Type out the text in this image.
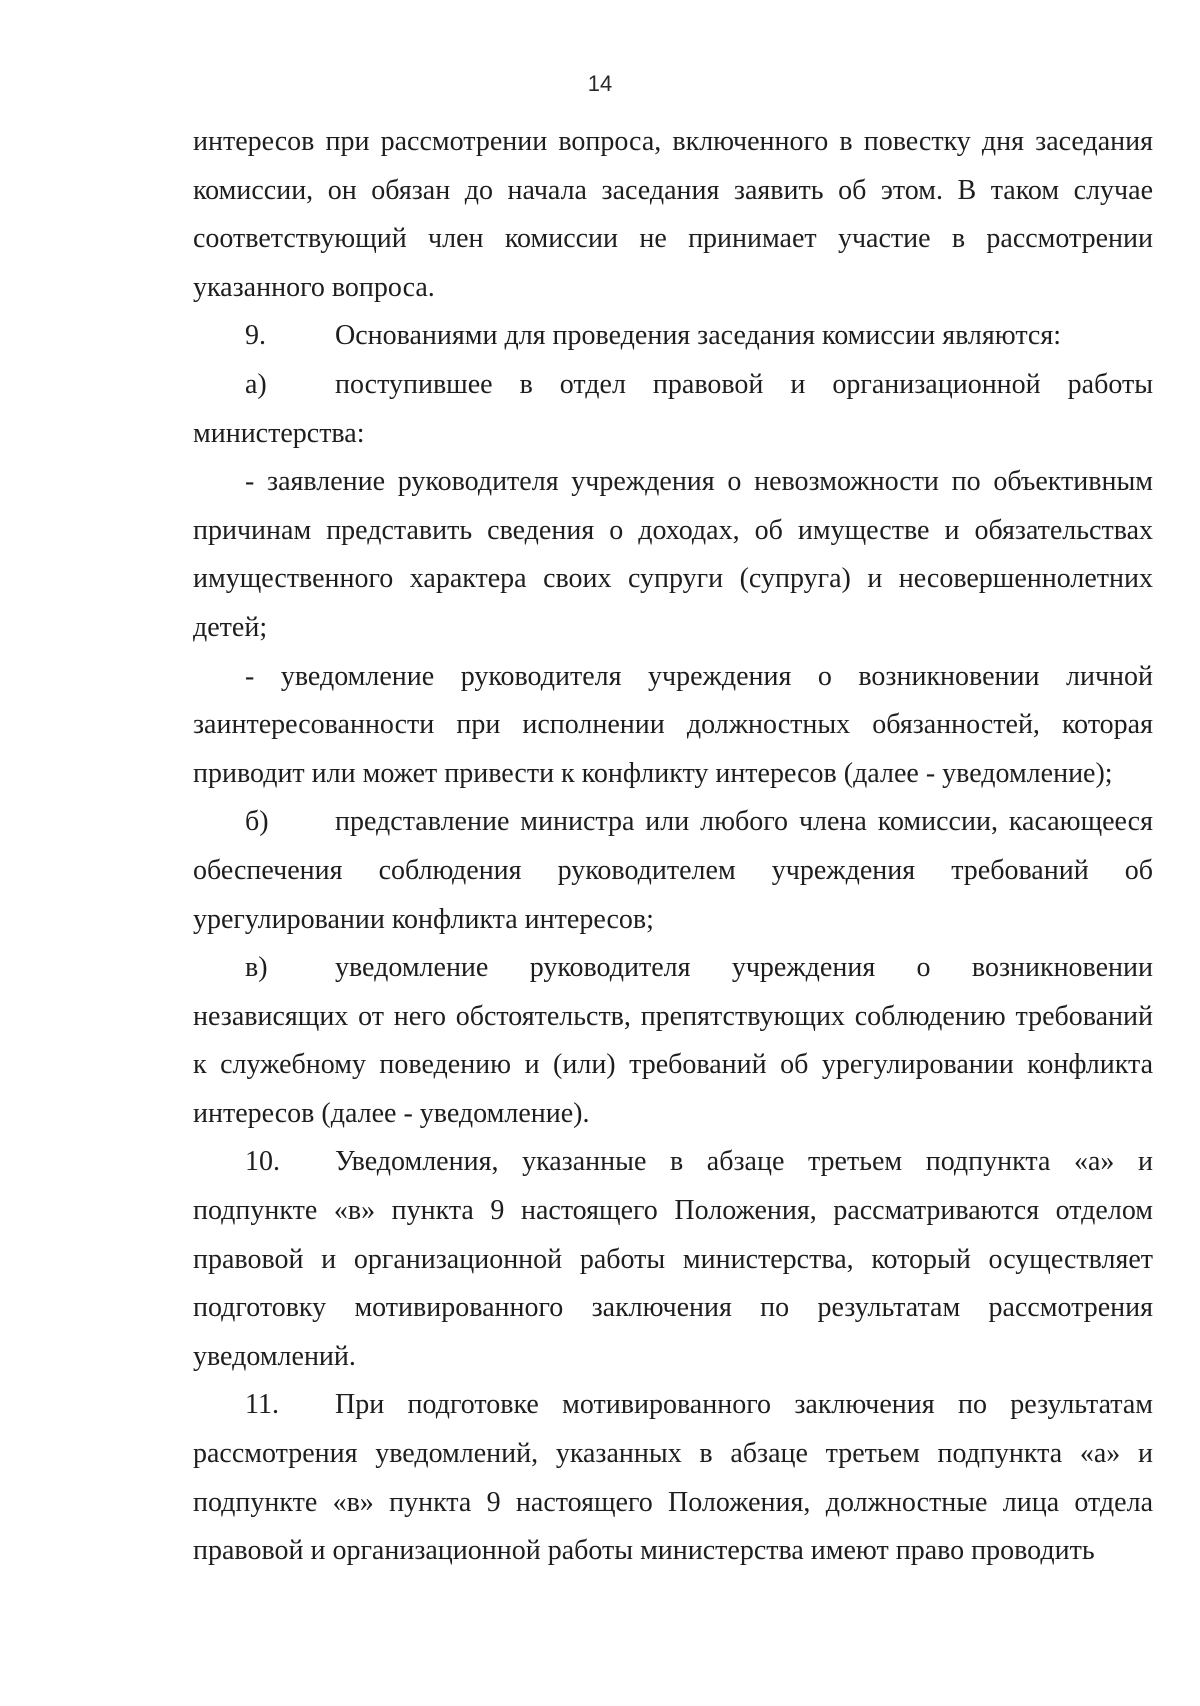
14

интересов при рассмотрении вопроса, включенного в повестку дня заседания комиссии, он обязан до начала заседания заявить об этом. В таком случае соответствующий член комиссии не принимает участие в рассмотрении указанного вопроса.

9. Основаниями для проведения заседания комиссии являются:

а) поступившее в отдел правовой и организационной работы министерства:

- заявление руководителя учреждения о невозможности по объективным причинам представить сведения о доходах, об имуществе и обязательствах имущественного характера своих супруги (супруга) и несовершеннолетних детей;

- уведомление руководителя учреждения о возникновении личной заинтересованности при исполнении должностных обязанностей, которая приводит или может привести к конфликту интересов (далее - уведомление);

б) представление министра или любого члена комиссии, касающееся обеспечения соблюдения руководителем учреждения требований об урегулировании конфликта интересов;

в) уведомление руководителя учреждения о возникновении независящих от него обстоятельств, препятствующих соблюдению требований к служебному поведению и (или) требований об урегулировании конфликта интересов (далее - уведомление).

10. Уведомления, указанные в абзаце третьем подпункта «а» и подпункте «в» пункта 9 настоящего Положения, рассматриваются отделом правовой и организационной работы министерства, который осуществляет подготовку мотивированного заключения по результатам рассмотрения уведомлений.

11. При подготовке мотивированного заключения по результатам рассмотрения уведомлений, указанных в абзаце третьем подпункта «а» и подпункте «в» пункта 9 настоящего Положения, должностные лица отдела правовой и организационной работы министерства имеют право проводить
